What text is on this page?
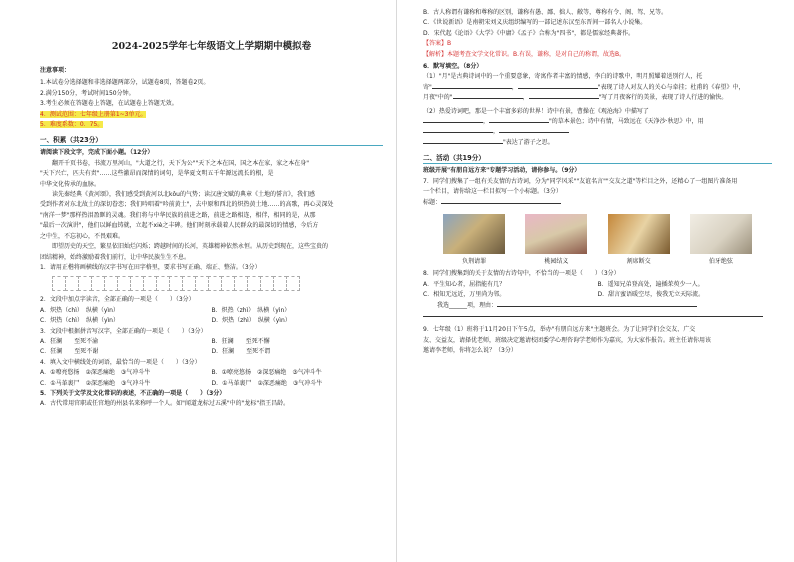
2024-2025学年七年级语文上学期期中模拟卷
注意事项：
1.本试卷分选择题和非选择题两部分，试题卷8页，答题卷2页。
2.满分150分，考试时间150分钟。
3.考生必须在答题卷上答题，在试题卷上答题无效。
4．测试范围：七年级上册第1~3单元。
5．难度系数：0．75。
一、积累（共23分）
请阅读下段文字，完成下面小题。（12分）
翻开千页书卷，书流万里河山，"大道之行，天下为公""天下之本在国，国之本在家，家之本在身"
"天下兴亡，匹夫有责"……这些激昂而深情的词句，是华夏文明五千年源远流长的根，是
中华文化传承的血脉。
读先秦经典《黄河颂》，我们感受到黄河以北kǒu的气势；读汉唐文赋的典章《土地的誓言》，我们感
受到作者对东北故土的深切眷恋；我们吟唱着"吟前黄土"，去中原和西北的炽热黄土地……的高歌，再心灵深处
"南洋一梦"那样热泪盈眶的灵魂。我们将与中华民族的前进之路，前进之路相连，相伴，相同的是，从那
"最后一次演讲"，他们以鲜血铸就，立起不xiè之丰碑。他们时刻承载着人民群众的最深切的情感，今后方
之中生，不忘初心，不畏艰难。
即望历史的天空，繁星依旧灿烂闪烁；跨越时间的长河，英雄精神依然永恒。从历史到现在，这些宝贵的
团结精神，始终激励着我们前行，让中华民族生生不息。
1．请用正楷将画横线的汉字书写在田字格里，要求书写正确、端正、整洁。（3分）
2．文段中加点字读音，全部正确的一项是（　　）（3分）
A．炽热（chì）　纵横（yìn）	B．炽热（zhì）　纵横（yìn）
C．炽热（chì）　纵横（yìn）	D．炽热（zhì）　纵横（yìn）
3．文段中根据拼音写汉字，全部正确的一项是（　　）（3分）
A．狂澜　　至死不渝	B．狂澜　　至死不懈
C．狂澜　　至死不谢	D．狂澜　　至死不谓
4．填入文中横线处的词语，最恰当的一项是（　　）（3分）
A．①嘹亮悠扬　②深恶痛绝　③气冲斗牛	B．①嘹亮悠扬　②深恶痛绝　③气冲斗牛
C．①马革裹尸　②深恶痛绝　③气冲斗牛	D．①马革裹尸　②深恶痛绝　③气冲斗牛
5．下列关于文学及文化常识的表述，不正确的一项是（　　）（3分）
A．古代常用官职或任官地的州县名来称呼一个人。如"闻道龙标过五溪"中的"龙标"指王昌龄。
B．古人称谓有谦称和尊称的区别，谦称有愚、鄙、拙人、敝等，尊称有令、阁、驾、兄等。
C．《世说新语》是南朝宋刘义庆组织编写的一部记述东汉至东晋间一部名人小说集。
D．宋代起《论语》《大学》《中庸》《孟子》合称为"四书"，都是儒家经典著作。
【答案】B
【解析】本题考查文学文化常识。B.有误，谦称，是对自己的称谓，故选B。
6．默写填空。（8分）
（1）"月"是古典诗词中的一个重要意象，寄寓作者丰富的情感，李白的诗歌中，明月照耀着送别行人，托
寄"	，	"表现了诗人对友人的关心与牵挂；杜甫的《春望》中，
月夜"中的"	，	"写了月夜客行的美景，表现了诗人行进的愉快。
（2）热爱诗词吧，那是一个丰富多彩的世界！诗中有景，曹操在《观沧海》中描写了
，	"的草本景色；诗中有情，马致远在《天净沙·秋思》中，用
，
"表达了游子之思。
二、活动（共19分）
班级开展"有朋自远方来"专题学习活动，请你参与。（9分）
7．同学们搜集了一组有关友情的古诗词，分为"同学风采""友谊名言""交友之道"等栏目之外，还精心了一组图片准备用
一个栏目，请你给这一栏目拟写一个小标题。（3分）
标题：
负荆请罪	桃园结义	割席断交	伯牙绝弦
8．同学们搜集到的关于友情的古诗句中，不恰当的一项是（　　）（3分）
A．平生知心者，屈指能有几？	B．遥知兄弟登高处，遍插茱萸少一人。
C．相知无远近，万里尚为邻。	D．甜言蜜语暖空尽，俊我无立天际流。
我选______项，理由：
9．七年级（1）班将于11月20日下午5点，举办"有朋自远方来"主题班会。为了让同学们会交友、广交
友、交益友，请择优老师，班级决定邀请校团委学心理咨询学老师作为嘉宾，为大家作报告。班主任请你用该
邀请李老师，你将怎么说？（3分）
